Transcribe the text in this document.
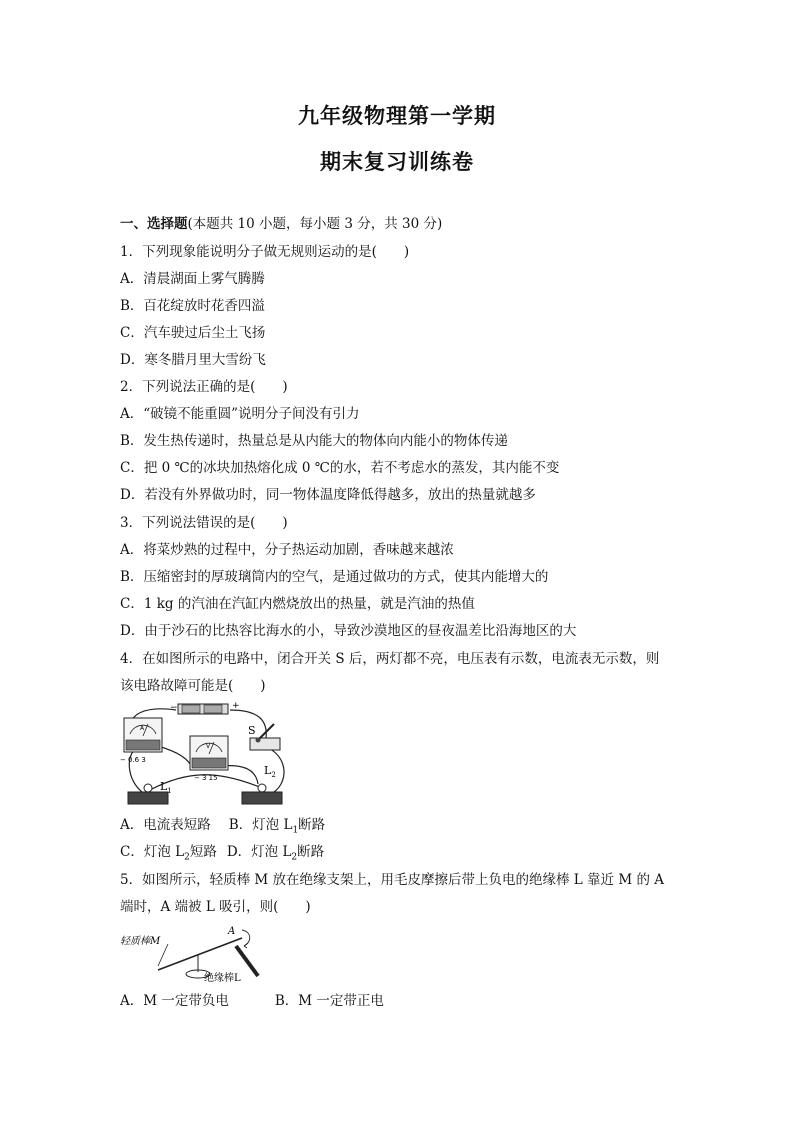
九年级物理第一学期
期末复习训练卷
一、选择题(本题共 10 小题，每小题 3 分，共 30 分)
1．下列现象能说明分子做无规则运动的是(　　)
A．清晨湖面上雾气腾腾
B．百花绽放时花香四溢
C．汽车驶过后尘土飞扬
D．寒冬腊月里大雪纷飞
2．下列说法正确的是(　　)
A．“破镜不能重圆”说明分子间没有引力
B．发生热传递时，热量总是从内能大的物体向内能小的物体传递
C．把 0 ℃的冰块加热熔化成 0 ℃的水，若不考虑水的蒸发，其内能不变
D．若没有外界做功时，同一物体温度降低得越多，放出的热量就越多
3．下列说法错误的是(　　)
A．将菜炒熟的过程中，分子热运动加剧，香味越来越浓
B．压缩密封的厚玻璃筒内的空气，是通过做功的方式，使其内能增大的
C．1 kg 的汽油在汽缸内燃烧放出的热量，就是汽油的热值
D．由于沙石的比热容比海水的小，导致沙漠地区的昼夜温差比沿海地区的大
4．在如图所示的电路中，闭合开关 S 后，两灯都不亮，电压表有示数，电流表无示数，则
该电路故障可能是(　　)
−	+
A
− 0.6 3
V
− 3 15
S
$L_1$
$L_2$
A．电流表短路 B．灯泡 $L_1$断路
C．灯泡 $L_2$短路 D．灯泡 $L_2$断路
5．如图所示，轻质棒 M 放在绝缘支架上，用毛皮摩擦后带上负电的绝缘棒 L 靠近 M 的 A
端时，A 端被 L 吸引，则(　　)
轻质棒M
A
绝缘棒L
A．M 一定带负电	B．M 一定带正电
